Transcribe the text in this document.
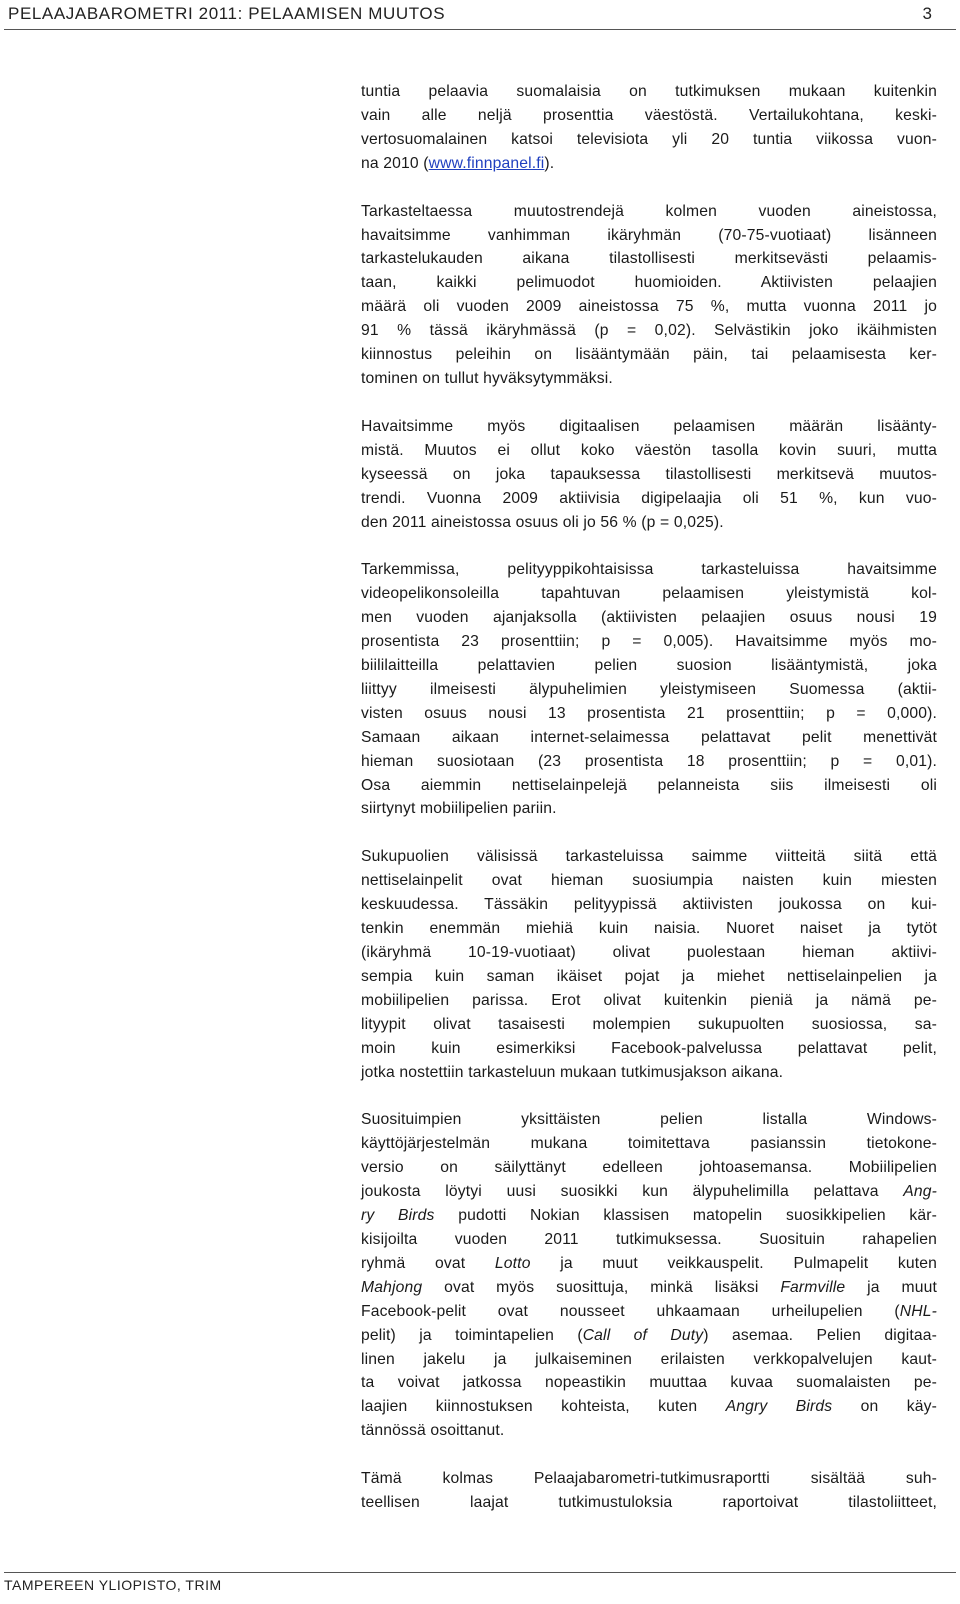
PELAAJABAROMETRI 2011: PELAAMISEN MUUTOS	3
tuntia pelaavia suomalaisia on tutkimuksen mukaan kuitenkin
vain alle neljä prosenttia väestöstä. Vertailukohtana, keski-
vertosuomalainen katsoi televisiota yli 20 tuntia viikossa vuon-
na 2010 (www.finnpanel.fi).
Tarkasteltaessa muutostrendejä kolmen vuoden aineistossa,
havaitsimme vanhimman ikäryhmän (70-75-vuotiaat) lisänneen
tarkastelukauden aikana tilastollisesti merkitsevästi pelaamis-
taan, kaikki pelimuodot huomioiden. Aktiivisten pelaajien
määrä oli vuoden 2009 aineistossa 75 %, mutta vuonna 2011 jo
91 % tässä ikäryhmässä (p = 0,02). Selvästikin joko ikäihmisten
kiinnostus peleihin on lisääntymään päin, tai pelaamisesta ker-
tominen on tullut hyväksytymmäksi.
Havaitsimme myös digitaalisen pelaamisen määrän lisäänty-
mistä. Muutos ei ollut koko väestön tasolla kovin suuri, mutta
kyseessä on joka tapauksessa tilastollisesti merkitsevä muutos-
trendi. Vuonna 2009 aktiivisia digipelaajia oli 51 %, kun vuo-
den 2011 aineistossa osuus oli jo 56 % (p = 0,025).
Tarkemmissa, pelityyppikohtaisissa tarkasteluissa havaitsimme
videopelikonsoleilla tapahtuvan pelaamisen yleistymistä kol-
men vuoden ajanjaksolla (aktiivisten pelaajien osuus nousi 19
prosentista 23 prosenttiin; p = 0,005). Havaitsimme myös mo-
biililaitteilla pelattavien pelien suosion lisääntymistä, joka
liittyy ilmeisesti älypuhelimien yleistymiseen Suomessa (aktii-
visten osuus nousi 13 prosentista 21 prosenttiin; p = 0,000).
Samaan aikaan internet-selaimessa pelattavat pelit menettivät
hieman suosiotaan (23 prosentista 18 prosenttiin; p = 0,01).
Osa aiemmin nettiselainpelejä pelanneista siis ilmeisesti oli
siirtynyt mobiilipelien pariin.
Sukupuolien välisissä tarkasteluissa saimme viitteitä siitä että
nettiselainpelit ovat hieman suosiumpia naisten kuin miesten
keskuudessa. Tässäkin pelityypissä aktiivisten joukossa on kui-
tenkin enemmän miehiä kuin naisia. Nuoret naiset ja tytöt
(ikäryhmä 10-19-vuotiaat) olivat puolestaan hieman aktiivi-
sempia kuin saman ikäiset pojat ja miehet nettiselainpelien ja
mobiilipelien parissa. Erot olivat kuitenkin pieniä ja nämä pe-
lityypit olivat tasaisesti molempien sukupuolten suosiossa, sa-
moin kuin esimerkiksi Facebook-palvelussa pelattavat pelit,
jotka nostettiin tarkasteluun mukaan tutkimusjakson aikana.
Suosituimpien yksittäisten pelien listalla Windows-
käyttöjärjestelmän mukana toimitettava pasianssin tietokone-
versio on säilyttänyt edelleen johtoasemansa. Mobiilipelien
joukosta löytyi uusi suosikki kun älypuhelimilla pelattava Ang-
ry Birds pudotti Nokian klassisen matopelin suosikkipelien kär-
kisijoilta vuoden 2011 tutkimuksessa. Suosituin rahapelien
ryhmä ovat Lotto ja muut veikkauspelit. Pulmapelit kuten
Mahjong ovat myös suosittuja, minkä lisäksi Farmville ja muut
Facebook-pelit ovat nousseet uhkaamaan urheilupelien (NHL-
pelit) ja toimintapelien (Call of Duty) asemaa. Pelien digitaa-
linen jakelu ja julkaiseminen erilaisten verkkopalvelujen kaut-
ta voivat jatkossa nopeastikin muuttaa kuvaa suomalaisten pe-
laajien kiinnostuksen kohteista, kuten Angry Birds on käy-
tännössä osoittanut.
Tämä kolmas Pelaajabarometri-tutkimusraportti sisältää suh-
teellisen laajat tutkimustuloksia raportoivat tilastoliitteet,
TAMPEREEN YLIOPISTO, TRIM
